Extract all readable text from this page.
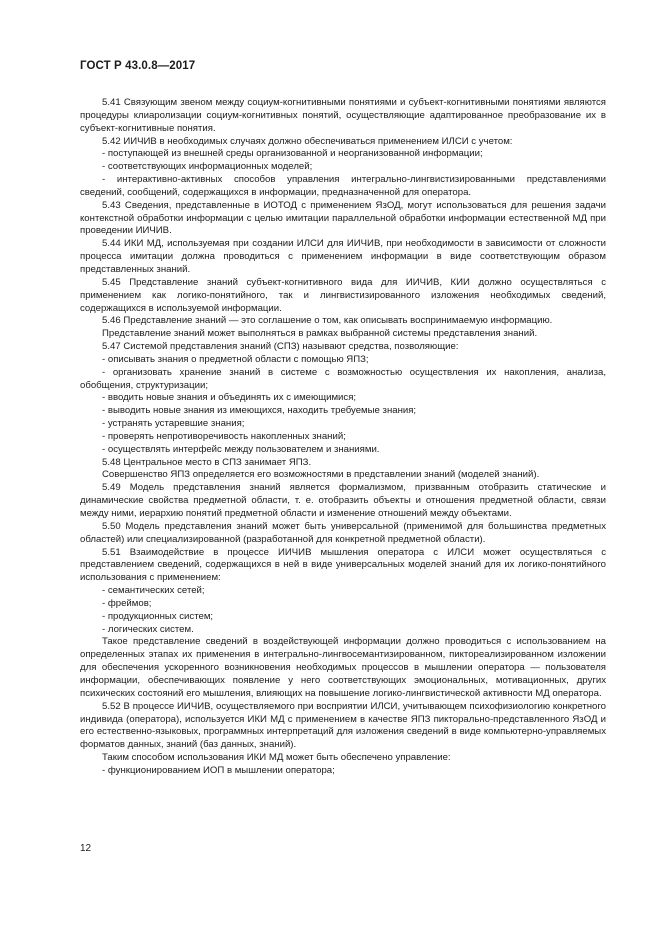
ГОСТ Р 43.0.8—2017

5.41 Связующим звеном между социум-когнитивными понятиями и субъект-когнитивными понятиями являются процедуры клиаролизации социум-когнитивных понятий, осуществляющие адаптированное преобразование их в субъект-когнитивные понятия.

5.42 ИИЧИВ в необходимых случаях должно обеспечиваться применением ИЛСИ с учетом:

- поступающей из внешней среды организованной и неорганизованной информации;

- соответствующих информационных моделей;

- интерактивно-активных способов управления интегрально-лингвистизированными представлениями сведений, сообщений, содержащихся в информации, предназначенной для оператора.

5.43 Сведения, представленные в ИОТОД с применением ЯзОД, могут использоваться для решения задачи контекстной обработки информации с целью имитации параллельной обработки информации естественной МД при проведении ИИЧИВ.

5.44 ИКИ МД, используемая при создании ИЛСИ для ИИЧИВ, при необходимости в зависимости от сложности процесса имитации должна проводиться с применением информации в виде соответствующим образом представленных знаний.

5.45 Представление знаний субъект-когнитивного вида для ИИЧИВ, КИИ должно осуществляться с применением как логико-понятийного, так и лингвистизированного изложения необходимых сведений, содержащихся в используемой информации.

5.46 Представление знаний — это соглашение о том, как описывать воспринимаемую информацию.

Представление знаний может выполняться в рамках выбранной системы представления знаний.

5.47 Системой представления знаний (СПЗ) называют средства, позволяющие:

- описывать знания о предметной области с помощью ЯПЗ;

- организовать хранение знаний в системе с возможностью осуществления их накопления, анализа, обобщения, структуризации;

- вводить новые знания и объединять их с имеющимися;

- выводить новые знания из имеющихся, находить требуемые знания;

- устранять устаревшие знания;

- проверять непротиворечивость накопленных знаний;

- осуществлять интерфейс между пользователем и знаниями.

5.48 Центральное место в СПЗ занимает ЯПЗ.

Совершенство ЯПЗ определяется его возможностями в представлении знаний (моделей знаний).

5.49 Модель представления знаний является формализмом, призванным отобразить статические и динамические свойства предметной области, т. е. отобразить объекты и отношения предметной области, связи между ними, иерархию понятий предметной области и изменение отношений между объектами.

5.50 Модель представления знаний может быть универсальной (применимой для большинства предметных областей) или специализированной (разработанной для конкретной предметной области).

5.51 Взаимодействие в процессе ИИЧИВ мышления оператора с ИЛСИ может осуществляться с представлением сведений, содержащихся в ней в виде универсальных моделей знаний для их логико-понятийного использования с применением:

- семантических сетей;

- фреймов;

- продукционных систем;

- логических систем.

Такое представление сведений в воздействующей информации должно проводиться с использованием на определенных этапах их применения в интегрально-лингвосемантизированном, пиктореализированном изложении для обеспечения ускоренного возникновения необходимых процессов в мышлении оператора — пользователя информации, обеспечивающих появление у него соответствующих эмоциональных, мотивационных, других психических состояний его мышления, влияющих на повышение логико-лингвистической активности МД оператора.

5.52 В процессе ИИЧИВ, осуществляемого при восприятии ИЛСИ, учитывающем психофизиологию конкретного индивида (оператора), используется ИКИ МД с применением в качестве ЯПЗ пикторально-представленного ЯзОД и его естественно-языковых, программных интерпретаций для изложения сведений в виде компьютерно-управляемых форматов данных, знаний (баз данных, знаний).

Таким способом использования ИКИ МД может быть обеспечено управление:

- функционированием ИОП в мышлении оператора;

12
